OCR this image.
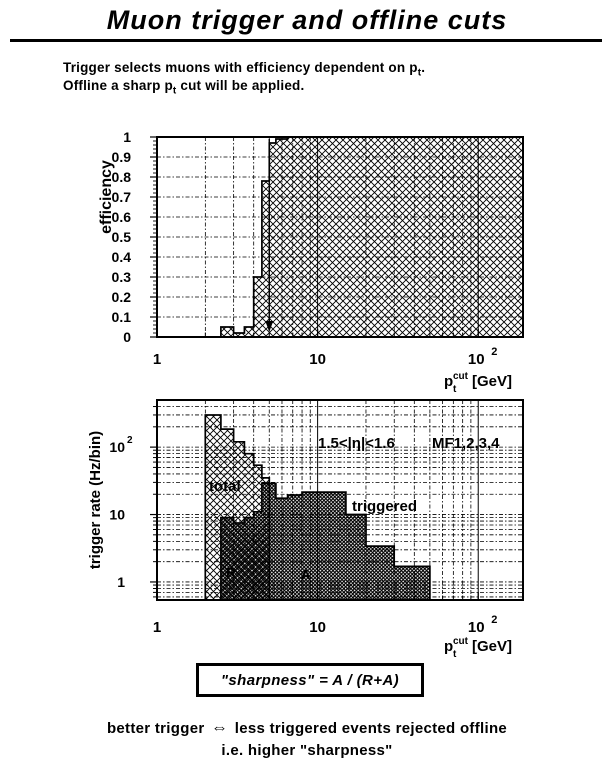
Muon trigger and offline cuts
Trigger selects muons with efficiency dependent on $p_t$.
Offline a sharp $p_t$ cut will be applied.
1	10	10 2
0
0.1
0.2
0.3
0.4
0.5
0.6
0.7
0.8
0.9
1
p t
cut [GeV]
efficiency
1.5<|η|<1.6 MF1,2,3,4
total
triggered
R	A
1	10	10 2
10 2
10
1
p t
cut [GeV]
trigger rate (Hz/bin)
"sharpness" = A / (R+A)
better trigger ⇔ less triggered events rejected offline
i.e. higher "sharpness"
